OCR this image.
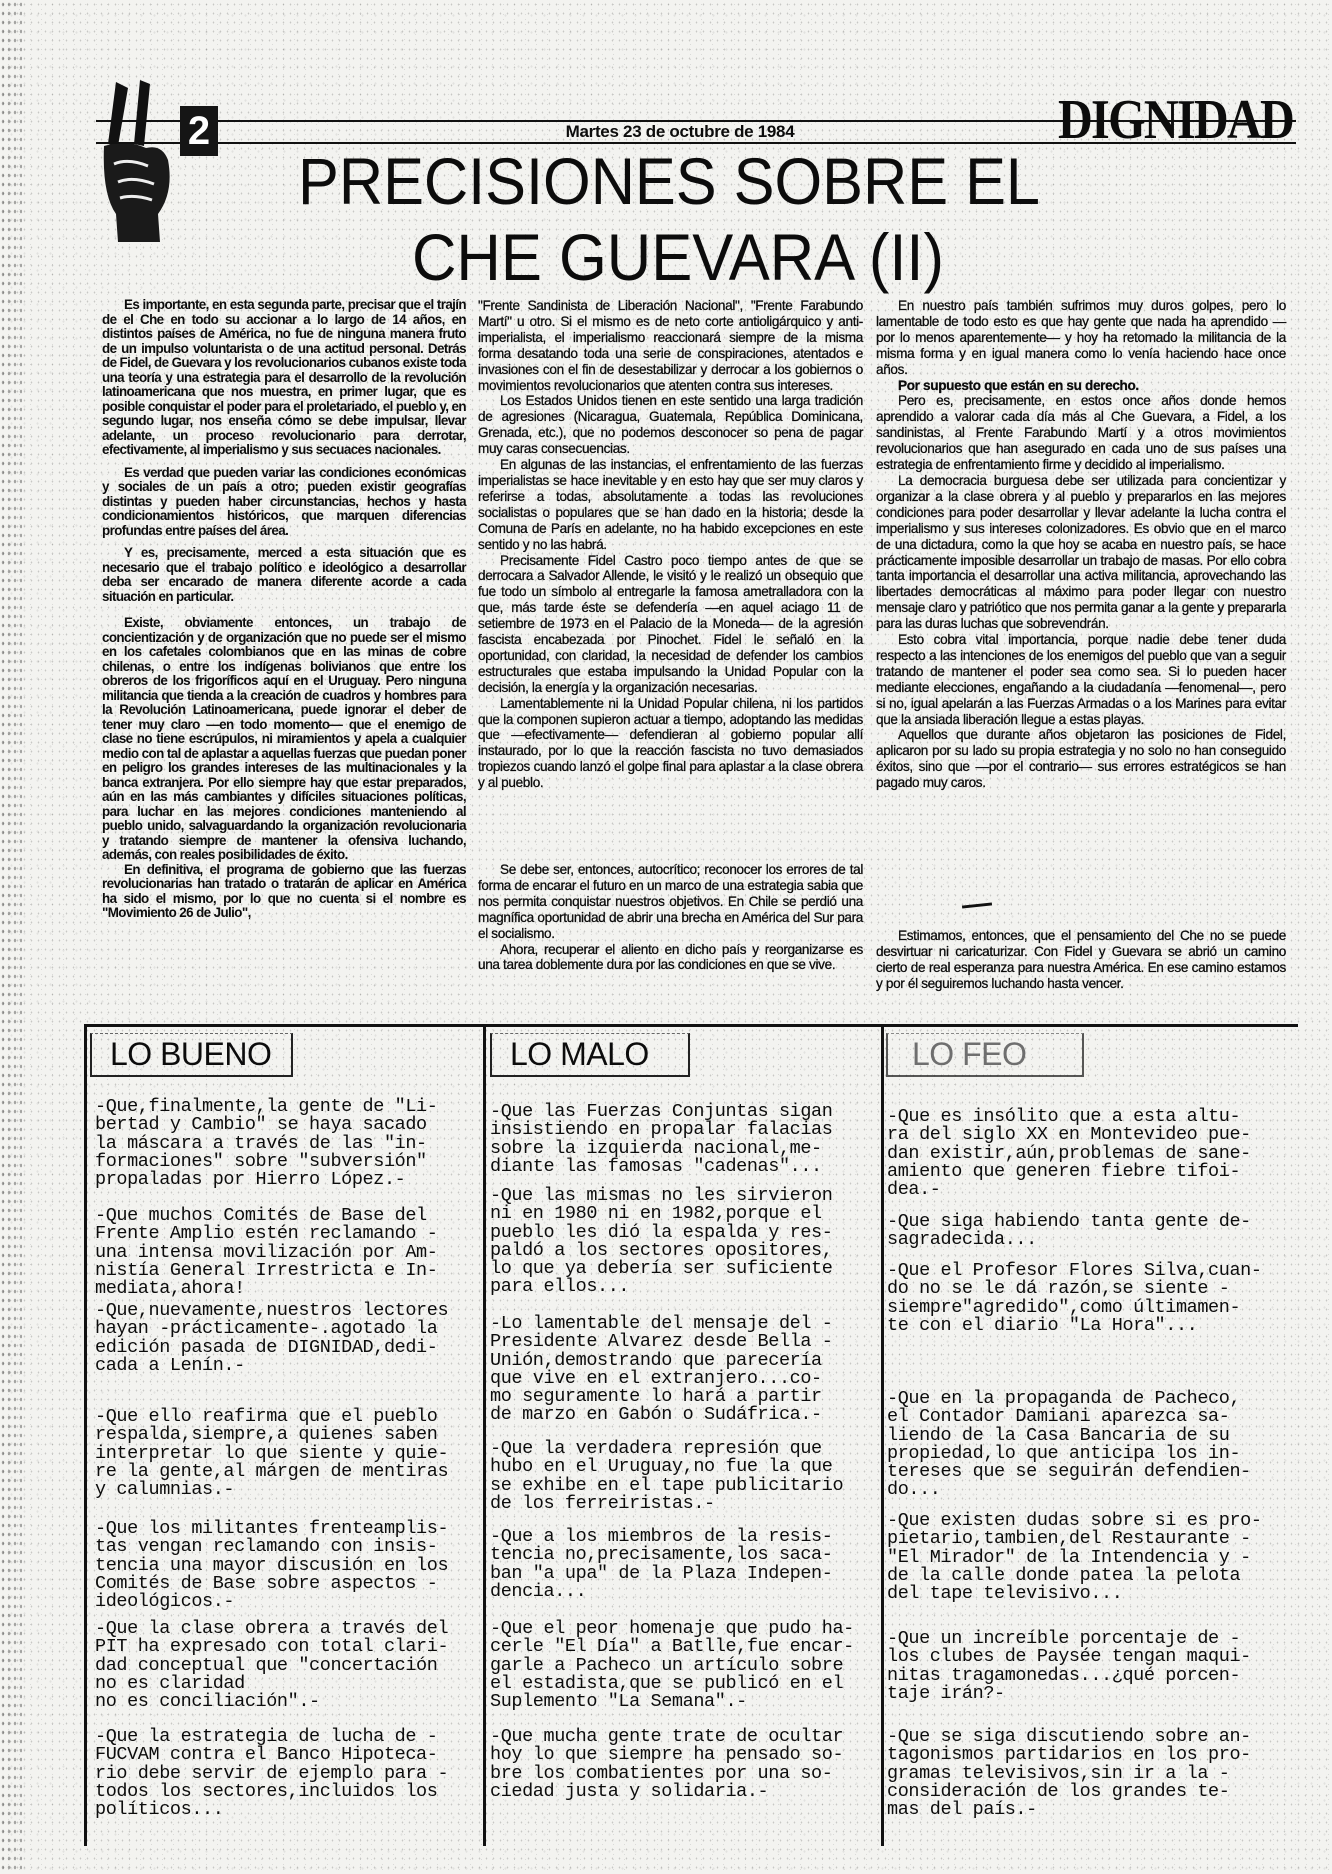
2	Martes 23 de octubre de 1984	DIGNIDAD
PRECISIONES SOBRE EL
CHE GUEVARA (II)

Es importante, en esta segunda parte, precisar que el trajín de el Che en todo su accionar a lo largo de 14 años, en distintos países de América, no fue de ninguna manera fruto de un impulso voluntarista o de una actitud personal. Detrás de Fidel, de Guevara y los revolucionarios cubanos existe toda una teoría y una estrategia para el desarrollo de la revolución latinoamericana que nos muestra, en primer lugar, que es posible conquistar el poder para el proletariado, el pueblo y, en segundo lugar, nos enseña cómo se debe impulsar, llevar adelante, un proceso revolucionario para derrotar, efectivamente, al imperialismo y sus secuaces nacionales.

Es verdad que pueden variar las condiciones económicas y sociales de un país a otro; pueden existir geografías distintas y pueden haber circunstancias, hechos y hasta condicionamientos históricos, que marquen diferencias profundas entre países del área.

Y es, precisamente, merced a esta situación que es necesario que el trabajo político e ideológico a desarrollar deba ser encarado de manera diferente acorde a cada situación en particular.

Existe, obviamente entonces, un trabajo de concientización y de organización que no puede ser el mismo en los cafetales colombianos que en las minas de cobre chilenas, o entre los indígenas bolivianos que entre los obreros de los frigoríficos aquí en el Uruguay. Pero ninguna militancia que tienda a la creación de cuadros y hombres para la Revolución Latinoamericana, puede ignorar el deber de tener muy claro —en todo momento— que el enemigo de clase no tiene escrúpulos, ni miramientos y apela a cualquier medio con tal de aplastar a aquellas fuerzas que puedan poner en peligro los grandes intereses de las multinacionales y la banca extranjera. Por ello siempre hay que estar preparados, aún en las más cambiantes y difíciles situaciones políticas, para luchar en las mejores condiciones manteniendo al pueblo unido, salvaguardando la organización revolucionaria y tratando siempre de mantener la ofensiva luchando, además, con reales posibilidades de éxito.

En definitiva, el programa de gobierno que las fuerzas revolucionarias han tratado o tratarán de aplicar en América ha sido el mismo, por lo que no cuenta si el nombre es "Movimiento 26 de Julio",

"Frente Sandinista de Liberación Nacional", "Frente Farabundo Martí" u otro. Si el mismo es de neto corte antioligárquico y anti-imperialista, el imperialismo reaccionará siempre de la misma forma desatando toda una serie de conspiraciones, atentados e invasiones con el fin de desestabilizar y derrocar a los gobiernos o movimientos revolucionarios que atenten contra sus intereses.

Los Estados Unidos tienen en este sentido una larga tradición de agresiones (Nicaragua, Guatemala, República Dominicana, Grenada, etc.), que no podemos desconocer so pena de pagar muy caras consecuencias.

En algunas de las instancias, el enfrentamiento de las fuerzas imperialistas se hace inevitable y en esto hay que ser muy claros y referirse a todas, absolutamente a todas las revoluciones socialistas o populares que se han dado en la historia; desde la Comuna de París en adelante, no ha habido excepciones en este sentido y no las habrá.

Precisamente Fidel Castro poco tiempo antes de que se derrocara a Salvador Allende, le visitó y le realizó un obsequio que fue todo un símbolo al entregarle la famosa ametralladora con la que, más tarde éste se defendería —en aquel aciago 11 de setiembre de 1973 en el Palacio de la Moneda— de la agresión fascista encabezada por Pinochet. Fidel le señaló en la oportunidad, con claridad, la necesidad de defender los cambios estructurales que estaba impulsando la Unidad Popular con la decisión, la energía y la organización necesarias.

Lamentablemente ni la Unidad Popular chilena, ni los partidos que la componen supieron actuar a tiempo, adoptando las medidas que —efectivamente— defendieran al gobierno popular allí instaurado, por lo que la reacción fascista no tuvo demasiados tropiezos cuando lanzó el golpe final para aplastar a la clase obrera y al pueblo.

Se debe ser, entonces, autocrítico; reconocer los errores de tal forma de encarar el futuro en un marco de una estrategia sabia que nos permita conquistar nuestros objetivos. En Chile se perdió una magnífica oportunidad de abrir una brecha en América del Sur para el socialismo.

Ahora, recuperar el aliento en dicho país y reorganizarse es una tarea doblemente dura por las condiciones en que se vive.

En nuestro país también sufrimos muy duros golpes, pero lo lamentable de todo esto es que hay gente que nada ha aprendido —por lo menos aparentemente— y hoy ha retomado la militancia de la misma forma y en igual manera como lo venía haciendo hace once años.

Por supuesto que están en su derecho.

Pero es, precisamente, en estos once años donde hemos aprendido a valorar cada día más al Che Guevara, a Fidel, a los sandinistas, al Frente Farabundo Martí y a otros movimientos revolucionarios que han asegurado en cada uno de sus países una estrategia de enfrentamiento firme y decidido al imperialismo.

La democracia burguesa debe ser utilizada para concientizar y organizar a la clase obrera y al pueblo y prepararlos en las mejores condiciones para poder desarrollar y llevar adelante la lucha contra el imperialismo y sus intereses colonizadores. Es obvio que en el marco de una dictadura, como la que hoy se acaba en nuestro país, se hace prácticamente imposible desarrollar un trabajo de masas. Por ello cobra tanta importancia el desarrollar una activa militancia, aprovechando las libertades democráticas al máximo para poder llegar con nuestro mensaje claro y patriótico que nos permita ganar a la gente y prepararla para las duras luchas que sobrevendrán.

Esto cobra vital importancia, porque nadie debe tener duda respecto a las intenciones de los enemigos del pueblo que van a seguir tratando de mantener el poder sea como sea. Si lo pueden hacer mediante elecciones, engañando a la ciudadanía —fenomenal—, pero si no, igual apelarán a las Fuerzas Armadas o a los Marines para evitar que la ansiada liberación llegue a estas playas.

Aquellos que durante años objetaron las posiciones de Fidel, aplicaron por su lado su propia estrategia y no solo no han conseguido éxitos, sino que —por el contrario— sus errores estratégicos se han pagado muy caros.

Estimamos, entonces, que el pensamiento del Che no se puede desvirtuar ni caricaturizar. Con Fidel y Guevara se abrió un camino cierto de real esperanza para nuestra América. En ese camino estamos y por él seguiremos luchando hasta vencer.

LO BUENO	LO MALO	LO FEO

-Que,finalmente,la gente de "Li-
bertad y Cambio" se haya sacado
la máscara a través de las "in-
formaciones" sobre "subversión"
propaladas por Hierro López.-

-Que muchos Comités de Base del
Frente Amplio estén reclamando -
una intensa movilización por Am-
nistía General Irrestricta e In-
mediata,ahora!

-Que,nuevamente,nuestros lectores
hayan -prácticamente-.agotado la
edición pasada de DIGNIDAD,dedi-
cada a Lenín.-

-Que ello reafirma que el pueblo
respalda,siempre,a quienes saben
interpretar lo que siente y quie-
re la gente,al márgen de mentiras
y calumnias.-

-Que los militantes frenteamplis-
tas vengan reclamando con insis-
tencia una mayor discusión en los
Comités de Base sobre aspectos -
ideológicos.-

-Que la clase obrera a través del
PIT ha expresado con total clari-
dad conceptual que "concertación
no es claridad
no es conciliación".-

-Que la estrategia de lucha de -
FUCVAM contra el Banco Hipoteca-
rio debe servir de ejemplo para -
todos los sectores,incluidos los
políticos...

-Que las Fuerzas Conjuntas sigan
insistiendo en propalar falacias
sobre la izquierda nacional,me-
diante las famosas "cadenas"...

-Que las mismas no les sirvieron
ni en 1980 ni en 1982,porque el
pueblo les dió la espalda y res-
paldó a los sectores opositores,
lo que ya debería ser suficiente
para ellos...

-Lo lamentable del mensaje del -
Presidente Alvarez desde Bella -
Unión,demostrando que parecería
que vive en el extranjero...co-
mo seguramente lo hará a partir
de marzo en Gabón o Sudáfrica.-

-Que la verdadera represión que
hubo en el Uruguay,no fue la que
se exhibe en el tape publicitario
de los ferreiristas.-

-Que a los miembros de la resis-
tencia no,precisamente,los saca-
ban "a upa" de la Plaza Indepen-
dencia...

-Que el peor homenaje que pudo ha-
cerle "El Día" a Batlle,fue encar-
garle a Pacheco un artículo sobre
el estadista,que se publicó en el
Suplemento "La Semana".-

-Que mucha gente trate de ocultar
hoy lo que siempre ha pensado so-
bre los combatientes por una so-
ciedad justa y solidaria.-

-Que es insólito que a esta altu-
ra del siglo XX en Montevideo pue-
dan existir,aún,problemas de sane-
amiento que generen fiebre tifoi-
dea.-

-Que siga habiendo tanta gente de-
sagradecida...

-Que el Profesor Flores Silva,cuan-
do no se le dá razón,se siente -
siempre"agredido",como últimamen-
te con el diario "La Hora"...

-Que en la propaganda de Pacheco,
el Contador Damiani aparezca sa-
liendo de la Casa Bancaria de su
propiedad,lo que anticipa los in-
tereses que se seguirán defendien-
do...

-Que existen dudas sobre si es pro-
pietario,tambien,del Restaurante -
"El Mirador" de la Intendencia y -
de la calle donde patea la pelota
del tape televisivo...

-Que un increíble porcentaje de -
los clubes de Paysée tengan maqui-
nitas tragamonedas...¿qué porcen-
taje irán?-

-Que se siga discutiendo sobre an-
tagonismos partidarios en los pro-
gramas televisivos,sin ir a la -
consideración de los grandes te-
mas del país.-
